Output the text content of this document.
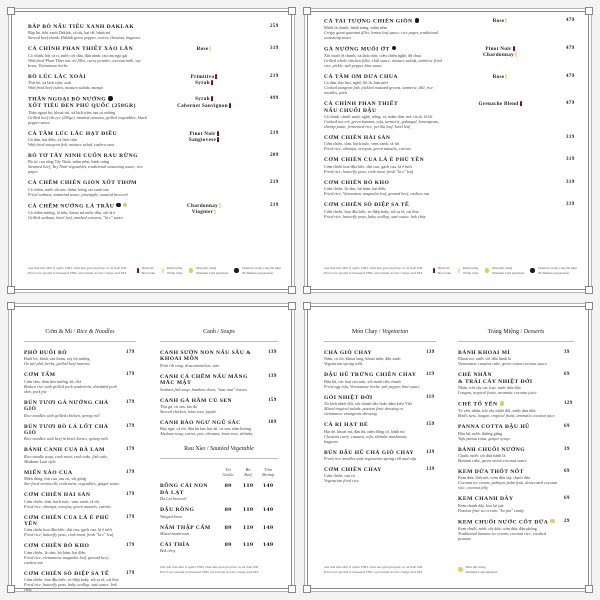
BẮP BÒ NẤU TIÊU XANH DAKLAK
Bắp bò, tiêu xanh Daklak, cà rốt, hạt dẻ, bánh mì
Stewed beef shank, Daklak green pepper, carrot, chestnut, baguette
259
CÁ CHÌNH PHAN THIẾT XÀO LĂN
Cá chình, bột cà ri, nước cốt dừa, đậu nành, rau om ngò gai
Wok-fried Phan Thiet sea eel fillet, curry powder, coconut milk, soy bean, Vietnamese herbs
319
Rose
BÒ LÚC LẮC XOÀI
Thịt bò, xà lách trộn, xoài
Wok-fried beef cubes, mixture salads, mango
219
Primitivo
Syrah
THĂN NGOẠI BÒ NƯỚNG
XỐT TIÊU ĐEN PHÚ QUỐC (250GR)
Thăn ngoại bò, khoai mì, xà lách trộn, rau củ nướng
Grilled beef rib eye (250gr), mashed cassava, grilled vegetables, black pepper sauce
499
Syrah
Cabernet Sauvignon
CÁ TẦM LÚC LẮC HẠT ĐIỀU
Cá tầm, hạt điều, xà lách trộn
Wok-fried sturgeon fish, mixture salad, cashew nuts
219
Pinot Noir
Sangiovese
BÒ TƠ TÂY NINH CUỐN RAU RỪNG
Bò tơ, rau rừng Tây Ninh, mắm nêm, bánh tráng
Steamed beef, Tay Ninh vegetables, traditional seasoning sauce, rice paper
209
CÁ CHẼM CHIÊN GIÒN XỐT THƠM
Cá chẽm, nước sốt me, thơm, bông cải xanh xào
Fried seabass, tamarind sauce, pineapple, sautéed broccoli
219
CÁ CHẼM NƯỚNG LÁ TRẦU
Cá chẽm nướng, lá trầu, khoai mì nước dừa, xốt lá é
Grilled seabass, betel leaf, mashed cassava, "la e" sauce
219
Chardonnay
Viognier
Giá tính theo đơn vị nghìn VNĐ, chưa bao gồm phí phục vụ và thuế VAT
Prices are quoted in thousand VND, not include service charge and VAT
Rượu đỏ
Red wine
Rượu trắng
White wine
Món đặc trưng
Madame Lam signature
Chuẩn bị trong vòng 30 phút
30 minutes preparation
CÁ TAI TƯỢNG CHIÊN GIÒN
Mười lá chanh, bánh tráng, mắm nêm
Crispy giant gourami fillet, lemon leaf sauce, rice paper, traditional seasoning sauce
479
Rose
GÀ NƯỚNG MUỐI ỚT
Xôi muối ớt chanh, xà lách trộn, cơm chiên nghệ, đồ chua
Grilled whole chicken fillet, chili sauce, mixture salads, turmeric fried rice, pickle, salt pepper lime sauce
479
Pinot Noir
Chardonnay
CÁ TẦM OM DƯA CHUA
Cá tầm, thịt heo, nghệ, thì là, bún tươi
Cooked sturgeon fish, pickled mustard greens, turmeric, dill, rice noodles, pork
479
Rose
CÁ CHÌNH PHAN THIẾT
NẤU CHUỐI ĐẬU
Cá chình, chuối xanh, nghệ, riềng, sả, mắm tôm, mẻ, tía tô, lá lốt
Cooked sea eel, green banana, tofu, turmeric, galangal, lemongrass, shrimp paste, fermented rice, perilla leaf, betel leaf
479
Grenache Blend
CƠM CHIÊN HẢI SẢN
Cơm chiên, tôm, bạch tuộc, vẹm xanh, cà rốt
Fried rice, shrimps, octopus, green mussels, carrots
319
CƠM CHIÊN CUA LÁ É PHÚ YÊN
Cơm chiên hoa đậu biếc, thịt cua, gạch cua, lá é tươi
Fried rice, butterfly peas, crab meat, fresh "la e" leaf
319
CƠM CHIÊN BÒ KHO
Cơm chiên, lá cẩm, bò băm, hạt điều
Fried rice, Vietnamese magnolia leaf, ground beef, cashew nut
319
CƠM CHIÊN SÒ ĐIỆP SA TẾ
Cơm chiên, hoa đậu biếc, sò điệp baby, sốt sa tế, cải thìa
Fried rice, butterfly peas, baby scallop, saté sauce, bok choy
319
Giá tính theo đơn vị nghìn VNĐ, chưa bao gồm phí phục vụ và thuế VAT
Prices are quoted in thousand VND, not include service charge and VAT
Rượu đỏ
Red wine
Rượu trắng
White wine
Món đặc trưng
Madame Lam signature
Chuẩn bị trong vòng 30 phút
30 minutes preparation
Cơm & Mì / Rice & Noodles
PHỞ ĐUÔI BÒ
Đuôi bò, bánh, rau thơm, tuỷ bò nướng
Ox tail phở, herbs, grilled beef marrow
179
CƠM TẤM
Cơm tấm, thăn heo nướng, bì, chả
Broken rice with grilled pork tenderloin, shredded pork skin, pork pie
179
BÚN TƯƠI GÀ NƯỚNG CHẢ GIÒ
Rice noodles with grilled chicken, spring roll
179
BÚN TƯƠI BÒ LÁ LỐT CHẢ GIÒ
Rice noodles with beef in betel leaves, spring rolls
179
BÁNH CANH CUA BÀ LAM
Rice noodle soup, crab meat, crab cake, fish cake, Madame Lam style
179
MIẾN XÀO CUA
Miến dong, thịt cua, rau củ, sốt gừng
Stir-fried vermicelli, crab meat, vegetables, ginger sauce
179
CƠM CHIÊN HẢI SẢN
Cơm chiên, tôm, bạch tuộc, vẹm xanh, cà rốt
Fried rice, shrimps, octopus, green mussels, carrots
179
CƠM CHIÊN CUA LÁ É PHÚ YÊN
Cơm chiên hoa đậu biếc, thịt cua, gạch cua, lá é tươi
Fried rice, butterfly peas, crab meat, fresh "la e" leaf
179
CƠM CHIÊN BÒ KHO
Cơm chiên, lá cẩm, bò băm, hạt điều
Fried rice, vietnamese magnolia leaf, ground beef, cashew nut
179
CƠM CHIÊN SÒ ĐIỆP SA TẾ
Cơm chiên, hoa đậu biếc, sò điệp baby, sốt sa tế, cải thìa
Fried rice, butterfly peas, baby scallop, saté sauce, bok choy
179
Canh / Soups
CANH SƯỜN NON NẤU SẤU & KHOAI MÔN
Pork rib soup, dracontomelon, taro
139
CANH CÁ CHẼM NẤU MĂNG MẮC MẬT
Seabass fish soup, bamboo shoot, "mac mat" leaves
139
CANH GÀ HẦM CỦ SEN
Thịt gà, củ sen, táo đỏ
Stewed chicken, lotus root, jujube
159
CANH BÀO NGƯ NGŨ SẮC
Bào ngư, cà rốt, đậu hà lan, hạt dẻ, củ sen, nấm hương
Abalone soup, carrot, pea, chestnut, lotus root, shiitake
189
Rau Xào / Sautéed Vegetable
Tỏi
Garlic
Bò
Beef
Tôm
Shrimp
BÔNG CẢI NON ĐÀ LẠT
Da Lat broccoli
89	119	149
ĐẬU RỒNG
Winged bean
89	119	149
NẤM THẬP CẨM
Mixed mushroom
89	119	149
CẢI THÌA
Bok choy
89	119	149
Giá tính theo đơn vị nghìn VNĐ, chưa bao gồm phí phục vụ và thuế VAT
Prices are quoted in thousand VND, not include service charge and VAT
Món Chay / Vegetarian
CHẢ GIÒ CHAY
Nấm, cà rốt, khoai lang, khoai môn, đậu xanh
Vegetarian spring rolls
139
ĐẬU HŨ TRỨNG CHIÊN CHAY
Đậu hũ, các loại rau mùi, xốt muối tiêu chanh
Fried egg tofu, Vietnamese herbs, salt pepper, lime sauce
119
GỎI NHIỆT ĐỚI
Xà lách nhiệt đới, xốt chanh dây hoặc dấm kiểu Việt
Mixed tropical salads, passion fruit dressing or vietnamese vinaigrette dressing
119
CÀ RI HẠT DẺ
Hạt dẻ, khoai mì, đậu hũ, nấm đông cô, bánh mì
Chestnut curry, cassava, tofu, shiitake mushroom, baguette
159
BÚN ĐẬU HŨ CHẢ GIÒ CHAY
Fresh rice noodles with vegetarian spring roll and tofu
139
CƠM CHIÊN CHAY
Cơm chiên, rau củ
Vegetarian fried rice
139
Tráng Miệng / Desserts
BÁNH KHOAI MÌ
Khoai mì, nước cốt dừa hành lá
Vietnamese cassava cake, green onion coconut sauce
39
CHÈ NHÃN
& TRÁI CÂY NHIỆT ĐỚI
Nhãn, trái cây các loại, nước dừa dừa
Longan, tropical fruits, aromatic coconut juice
69
CHÈ TỔ YẾN
Tổ yến, nhãn, trái cây nhiệt đới, nước dừa dừa
Bird's nest, longan, tropical fruits, aromatic coconut juice
129
PANNA COTTA ĐẬU HŨ
Đậu hũ, nước đường gừng
Tofu panna cotta, ginger syrup
69
BÁNH CHUỐI NƯỚNG
Chuối, nước cốt dừa hành lá
Banana cake, green onion coconut sauce
39
KEM DỪA THỐT NỐT
Kem dừa, thốt nốt, cơm dừa sấy, thạch dừa
Coconut ice cream, palmyra palm fruit, desiccated coconut rice, coconut jelly
69
KEM CHANH DÂY
Kem chanh dây, kẹo bò pía
Passion fruit ice cream, "bo pia" candy
69
KEM CHUỐI NƯỚC CỐT DỪA
Kem chuối, nước cốt dừa, cơm dừa, đậu phộng
Traditional banana ice cream, coconut rice, crushed peanuts
29
Giá tính theo đơn vị nghìn VNĐ, chưa bao gồm phí phục vụ và thuế VAT
Prices are quoted in thousand VND, not include service charge and VAT
Món đặc trưng
Madame Lam signature
